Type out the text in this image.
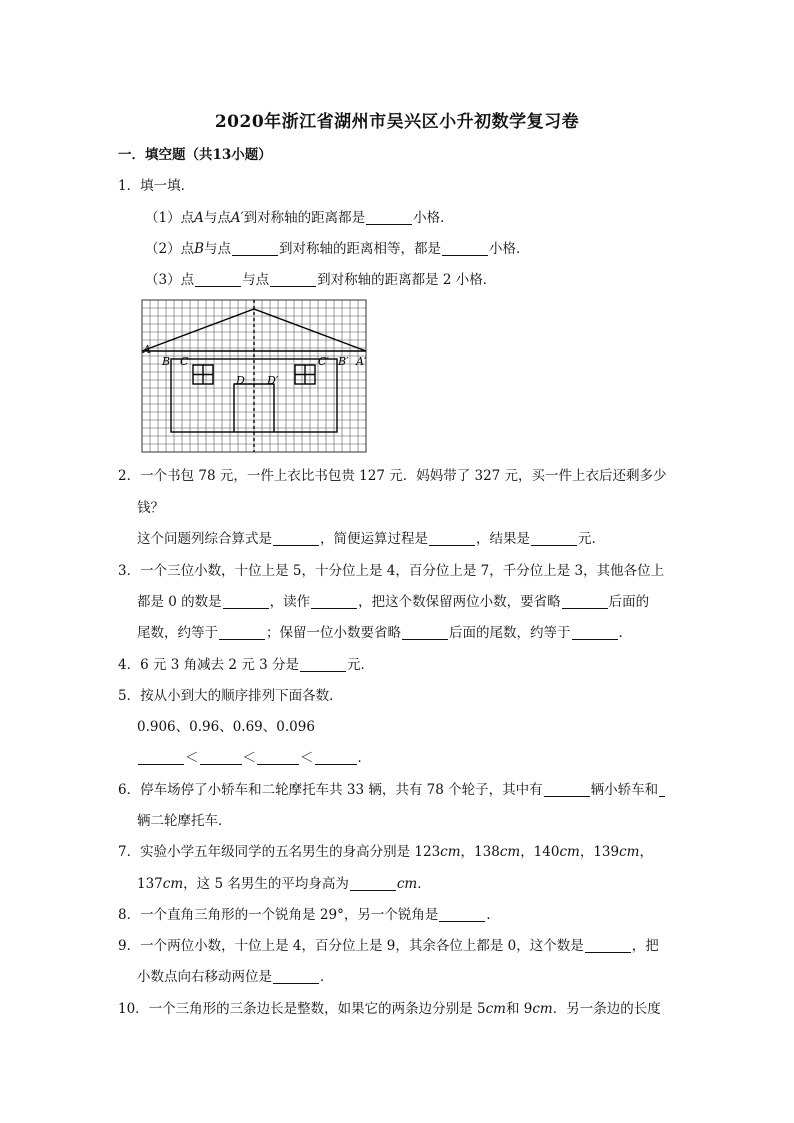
2020年浙江省湖州市吴兴区小升初数学复习卷
一．填空题（共13小题）
1．填一填．
（1）点A与点A′到对称轴的距离都是	小格．
（2）点B与点	到对称轴的距离相等，都是	小格．
（3）点	与点	到对称轴的距离都是 2 小格．
A
B C	C′ B′ A′
D D′
2．一个书包 78 元，一件上衣比书包贵 127 元．妈妈带了 327 元，买一件上衣后还剩多少
钱？
这个问题列综合算式是	，简便运算过程是	，结果是	元．
3．一个三位小数，十位上是 5，十分位上是 4，百分位上是 7，千分位上是 3，其他各位上
都是 0 的数是	，读作	，把这个数保留两位小数，要省略	后面的
尾数，约等于	；保留一位小数要省略	后面的尾数，约等于	．
4．6 元 3 角减去 2 元 3 分是	元．
5．按从小到大的顺序排列下面各数．
0.906、0.96、0.69、0.096
＜	＜	＜	．
6．停车场停了小轿车和二轮摩托车共 33 辆，共有 78 个轮子，其中有	辆小轿车和
辆二轮摩托车．
7．实验小学五年级同学的五名男生的身高分别是 123cm，138cm，140cm，139cm，
137cm，这 5 名男生的平均身高为	cm．
8．一个直角三角形的一个锐角是 29°，另一个锐角是	．
9．一个两位小数，十位上是 4，百分位上是 9，其余各位上都是 0，这个数是	，把
小数点向右移动两位是	．
10．一个三角形的三条边长是整数，如果它的两条边分别是 5cm和 9cm．另一条边的长度
